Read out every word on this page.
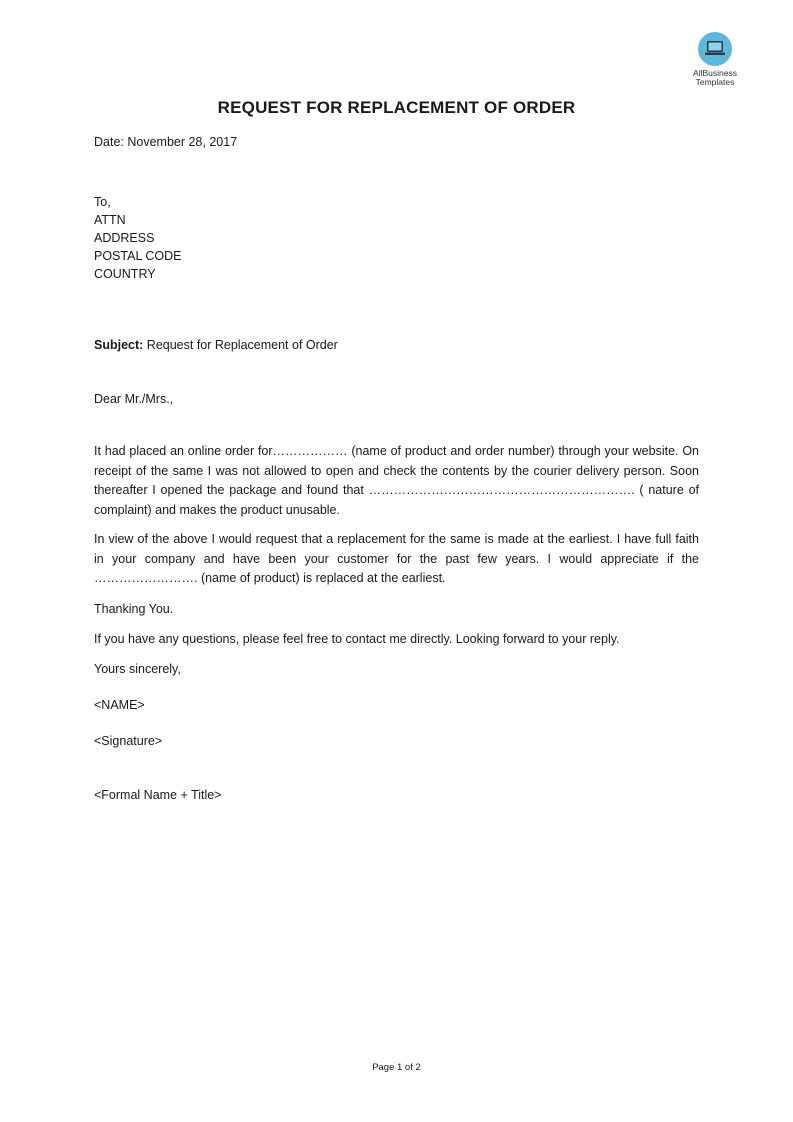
AllBusiness
Templates
REQUEST FOR REPLACEMENT OF ORDER
Date: November 28, 2017
To,
ATTN
ADDRESS
POSTAL CODE
COUNTRY
Subject: Request for Replacement of Order
Dear Mr./Mrs.,
It had placed an online order for……………… (name of product and order number) through your website. On receipt of the same I was not allowed to open and check the contents by the courier delivery person. Soon thereafter I opened the package and found that ………………………………………………………. ( nature of complaint) and makes the product unusable.
In view of the above I would request that a replacement for the same is made at the earliest. I have full faith in your company and have been your customer for the past few years. I would appreciate if the ……………………. (name of product) is replaced at the earliest.
Thanking You.
If you have any questions, please feel free to contact me directly. Looking forward to your reply.
Yours sincerely,
<NAME>
<Signature>
<Formal Name + Title>
Page 1 of 2
